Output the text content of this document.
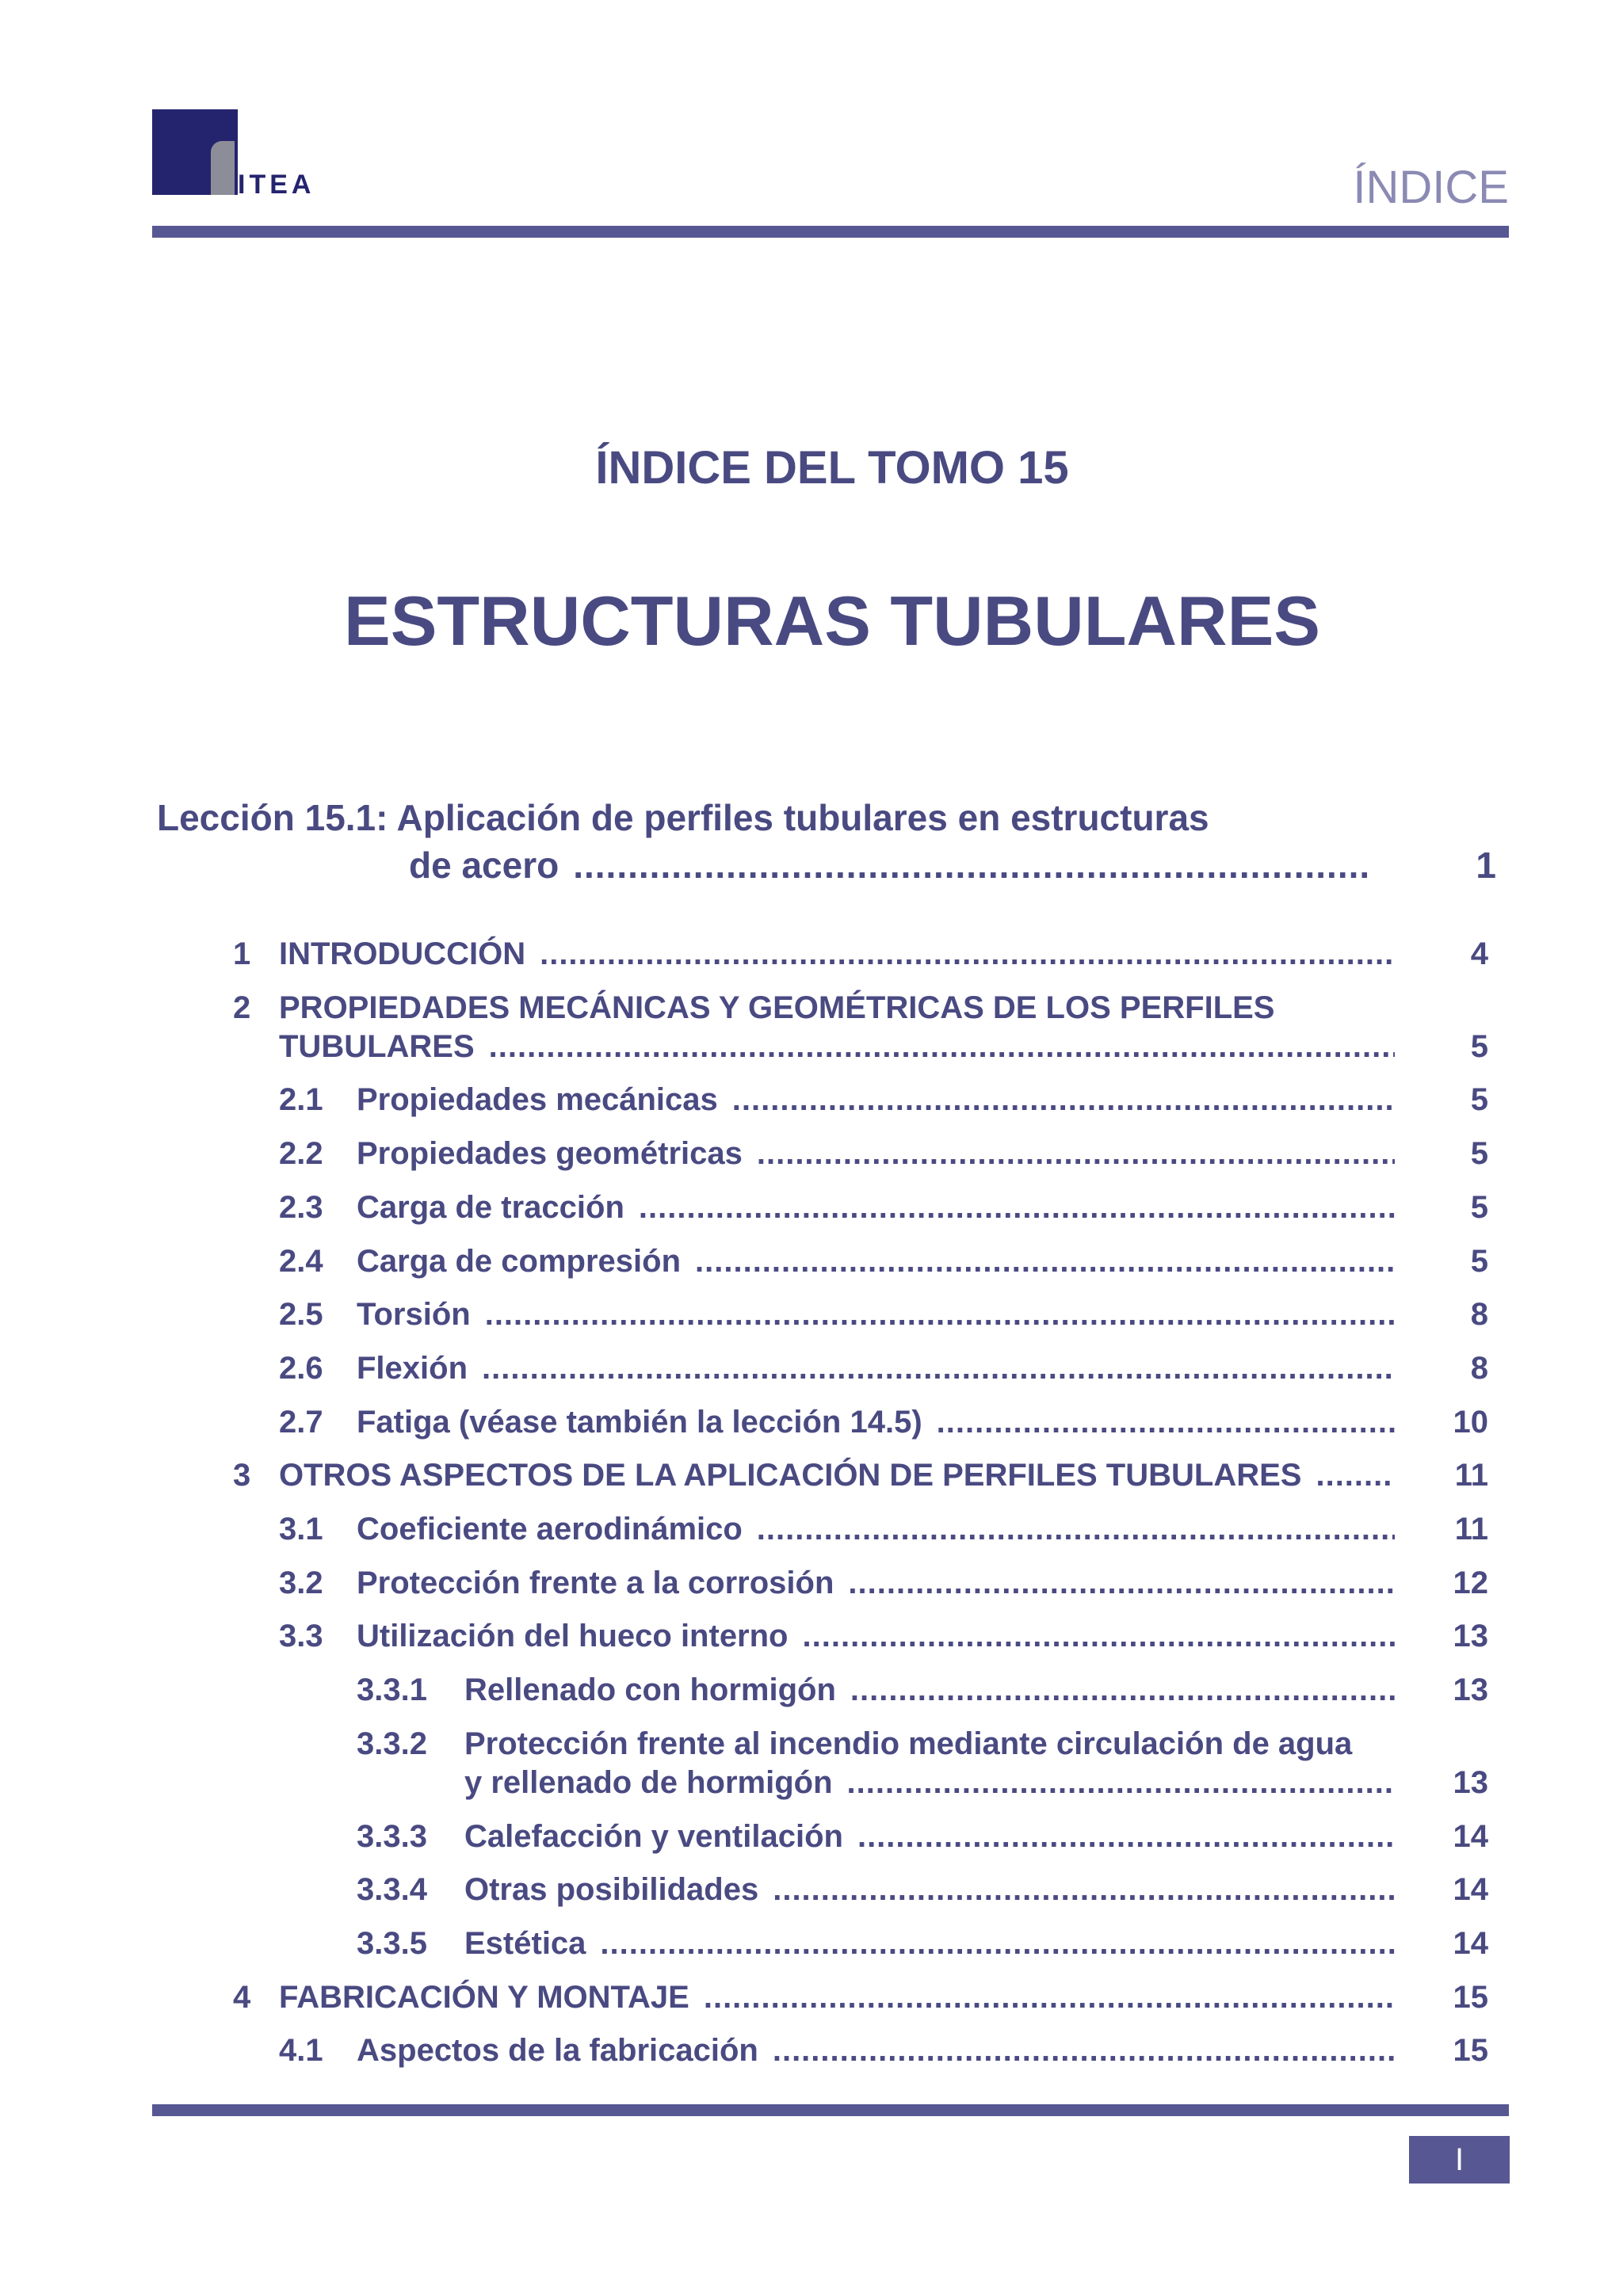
ITEA	ÍNDICE
ÍNDICE DEL TOMO 15
ESTRUCTURAS TUBULARES
Lección 15.1: Aplicación de perfiles tubulares en estructuras
de acero .....	1
1 INTRODUCCIÓN .....	4
2 PROPIEDADES MECÁNICAS Y GEOMÉTRICAS DE LOS PERFILES
TUBULARES .....	5
2.1 Propiedades mecánicas .....	5
2.2 Propiedades geométricas .....	5
2.3 Carga de tracción .....	5
2.4 Carga de compresión .....	5
2.5 Torsión .....	8
2.6 Flexión .....	8
2.7 Fatiga (véase también la lección 14.5) .....	10
3 OTROS ASPECTOS DE LA APLICACIÓN DE PERFILES TUBULARES .....	11
3.1 Coeficiente aerodinámico .....	11
3.2 Protección frente a la corrosión .....	12
3.3 Utilización del hueco interno .....	13
3.3.1 Rellenado con hormigón .....	13
3.3.2 Protección frente al incendio mediante circulación de agua
y rellenado de hormigón .....	13
3.3.3 Calefacción y ventilación .....	14
3.3.4 Otras posibilidades .....	14
3.3.5 Estética .....	14
4 FABRICACIÓN Y MONTAJE .....	15
4.1 Aspectos de la fabricación .....	15
I
